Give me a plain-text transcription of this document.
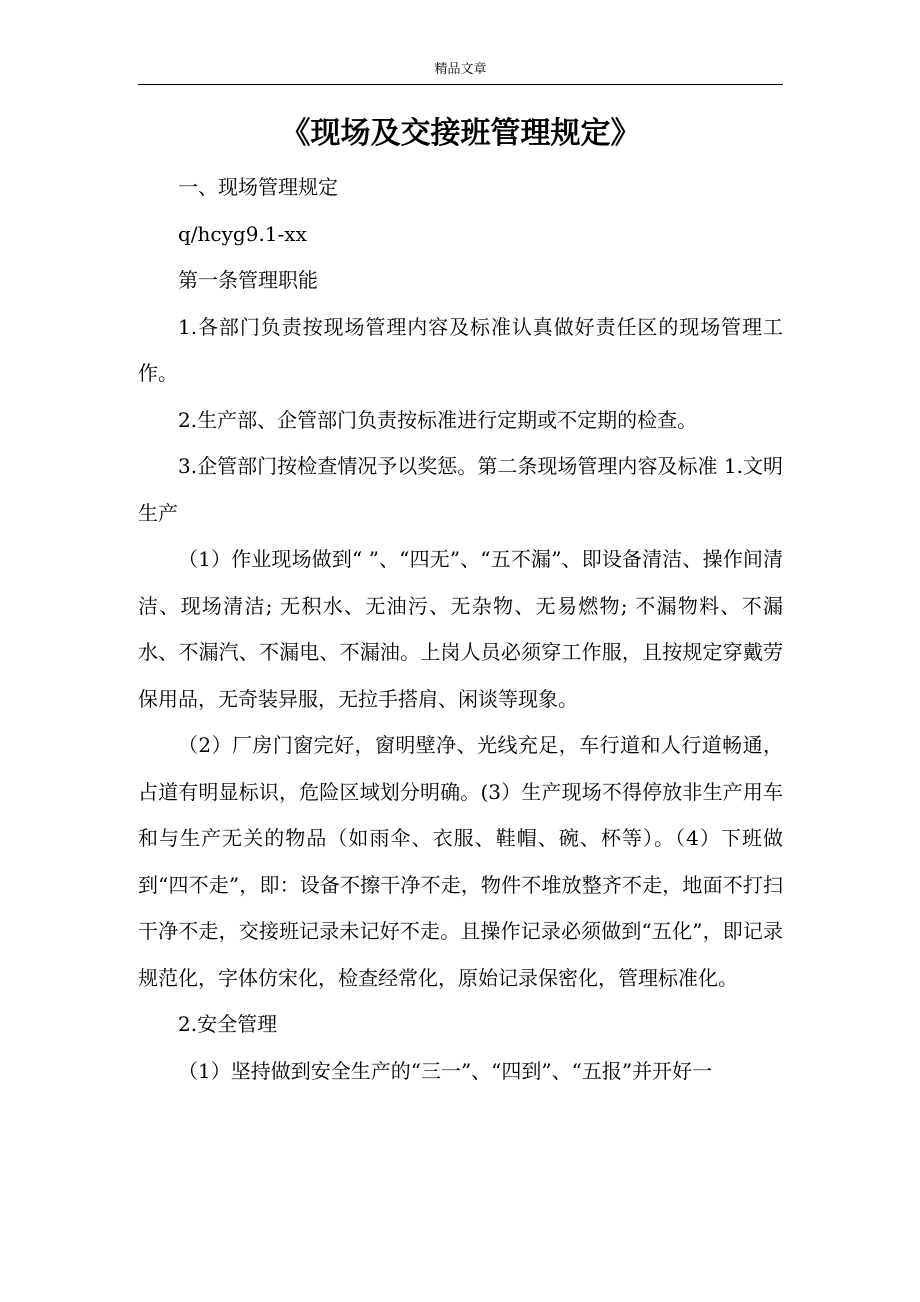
精品文章
《现场及交接班管理规定》

一、现场管理规定

q/hcyg9.1-xx

第一条管理职能

1.各部门负责按现场管理内容及标准认真做好责任区的现场管理工作。

2.生产部、企管部门负责按标准进行定期或不定期的检查。

3.企管部门按检查情况予以奖惩。第二条现场管理内容及标准 1.文明生产

（1）作业现场做到“ ”、“四无”、“五不漏”、即设备清洁、操作间清洁、现场清洁; 无积水、无油污、无杂物、无易燃物; 不漏物料、不漏水、不漏汽、不漏电、不漏油。上岗人员必须穿工作服，且按规定穿戴劳保用品，无奇装异服，无拉手搭肩、闲谈等现象。

（2）厂房门窗完好，窗明壁净、光线充足，车行道和人行道畅通，占道有明显标识，危险区域划分明确。(3）生产现场不得停放非生产用车和与生产无关的物品（如雨伞、衣服、鞋帽、碗、杯等）。（4）下班做到“四不走”，即：设备不擦干净不走，物件不堆放整齐不走，地面不打扫干净不走，交接班记录未记好不走。且操作记录必须做到“五化”，即记录规范化，字体仿宋化，检查经常化，原始记录保密化，管理标准化。

2.安全管理

（1）坚持做到安全生产的“三一”、“四到”、“五报”并开好一
